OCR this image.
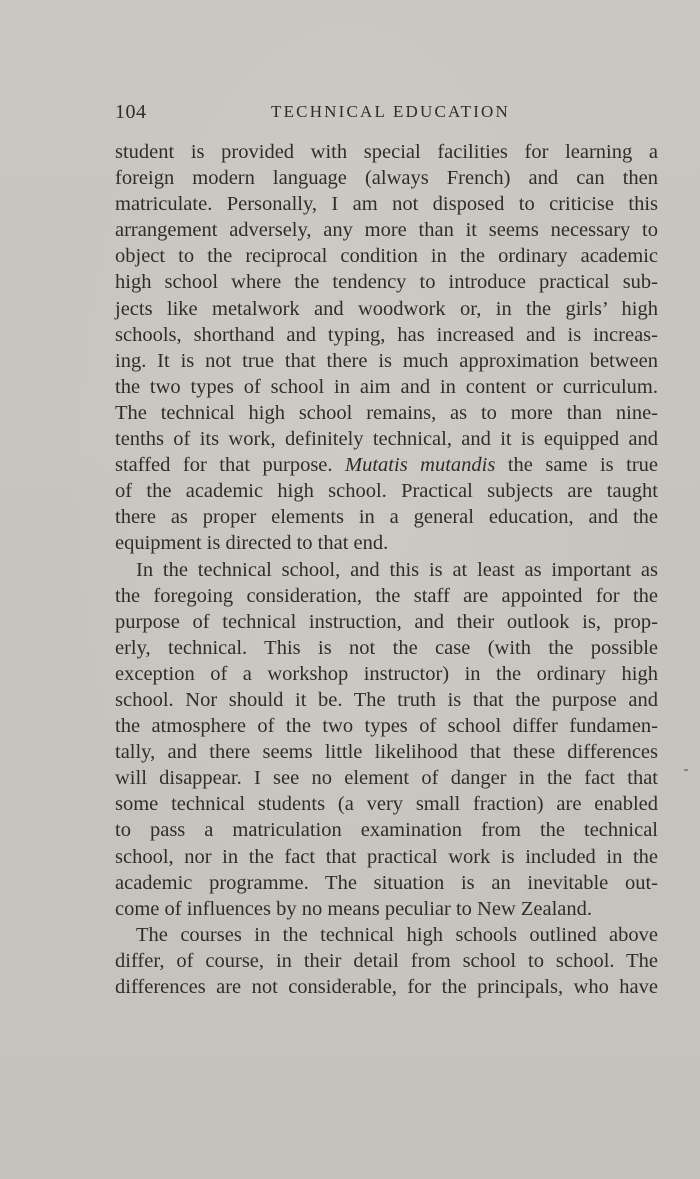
104	TECHNICAL EDUCATION
student is provided with special facilities for learning a
foreign modern language (always French) and can then
matriculate. Personally, I am not disposed to criticise this
arrangement adversely, any more than it seems necessary to
object to the reciprocal condition in the ordinary academic
high school where the tendency to introduce practical sub-
jects like metalwork and woodwork or, in the girls’ high
schools, shorthand and typing, has increased and is increas-
ing. It is not true that there is much approximation between
the two types of school in aim and in content or curriculum.
The technical high school remains, as to more than nine-
tenths of its work, definitely technical, and it is equipped and
staffed for that purpose. Mutatis mutandis the same is true
of the academic high school. Practical subjects are taught
there as proper elements in a general education, and the
equipment is directed to that end.
In the technical school, and this is at least as important as
the foregoing consideration, the staff are appointed for the
purpose of technical instruction, and their outlook is, prop-
erly, technical. This is not the case (with the possible
exception of a workshop instructor) in the ordinary high
school. Nor should it be. The truth is that the purpose and
the atmosphere of the two types of school differ fundamen-
tally, and there seems little likelihood that these differences
will disappear. I see no element of danger in the fact that
some technical students (a very small fraction) are enabled
to pass a matriculation examination from the technical
school, nor in the fact that practical work is included in the
academic programme. The situation is an inevitable out-
come of influences by no means peculiar to New Zealand.
The courses in the technical high schools outlined above
differ, of course, in their detail from school to school. The
differences are not considerable, for the principals, who have
